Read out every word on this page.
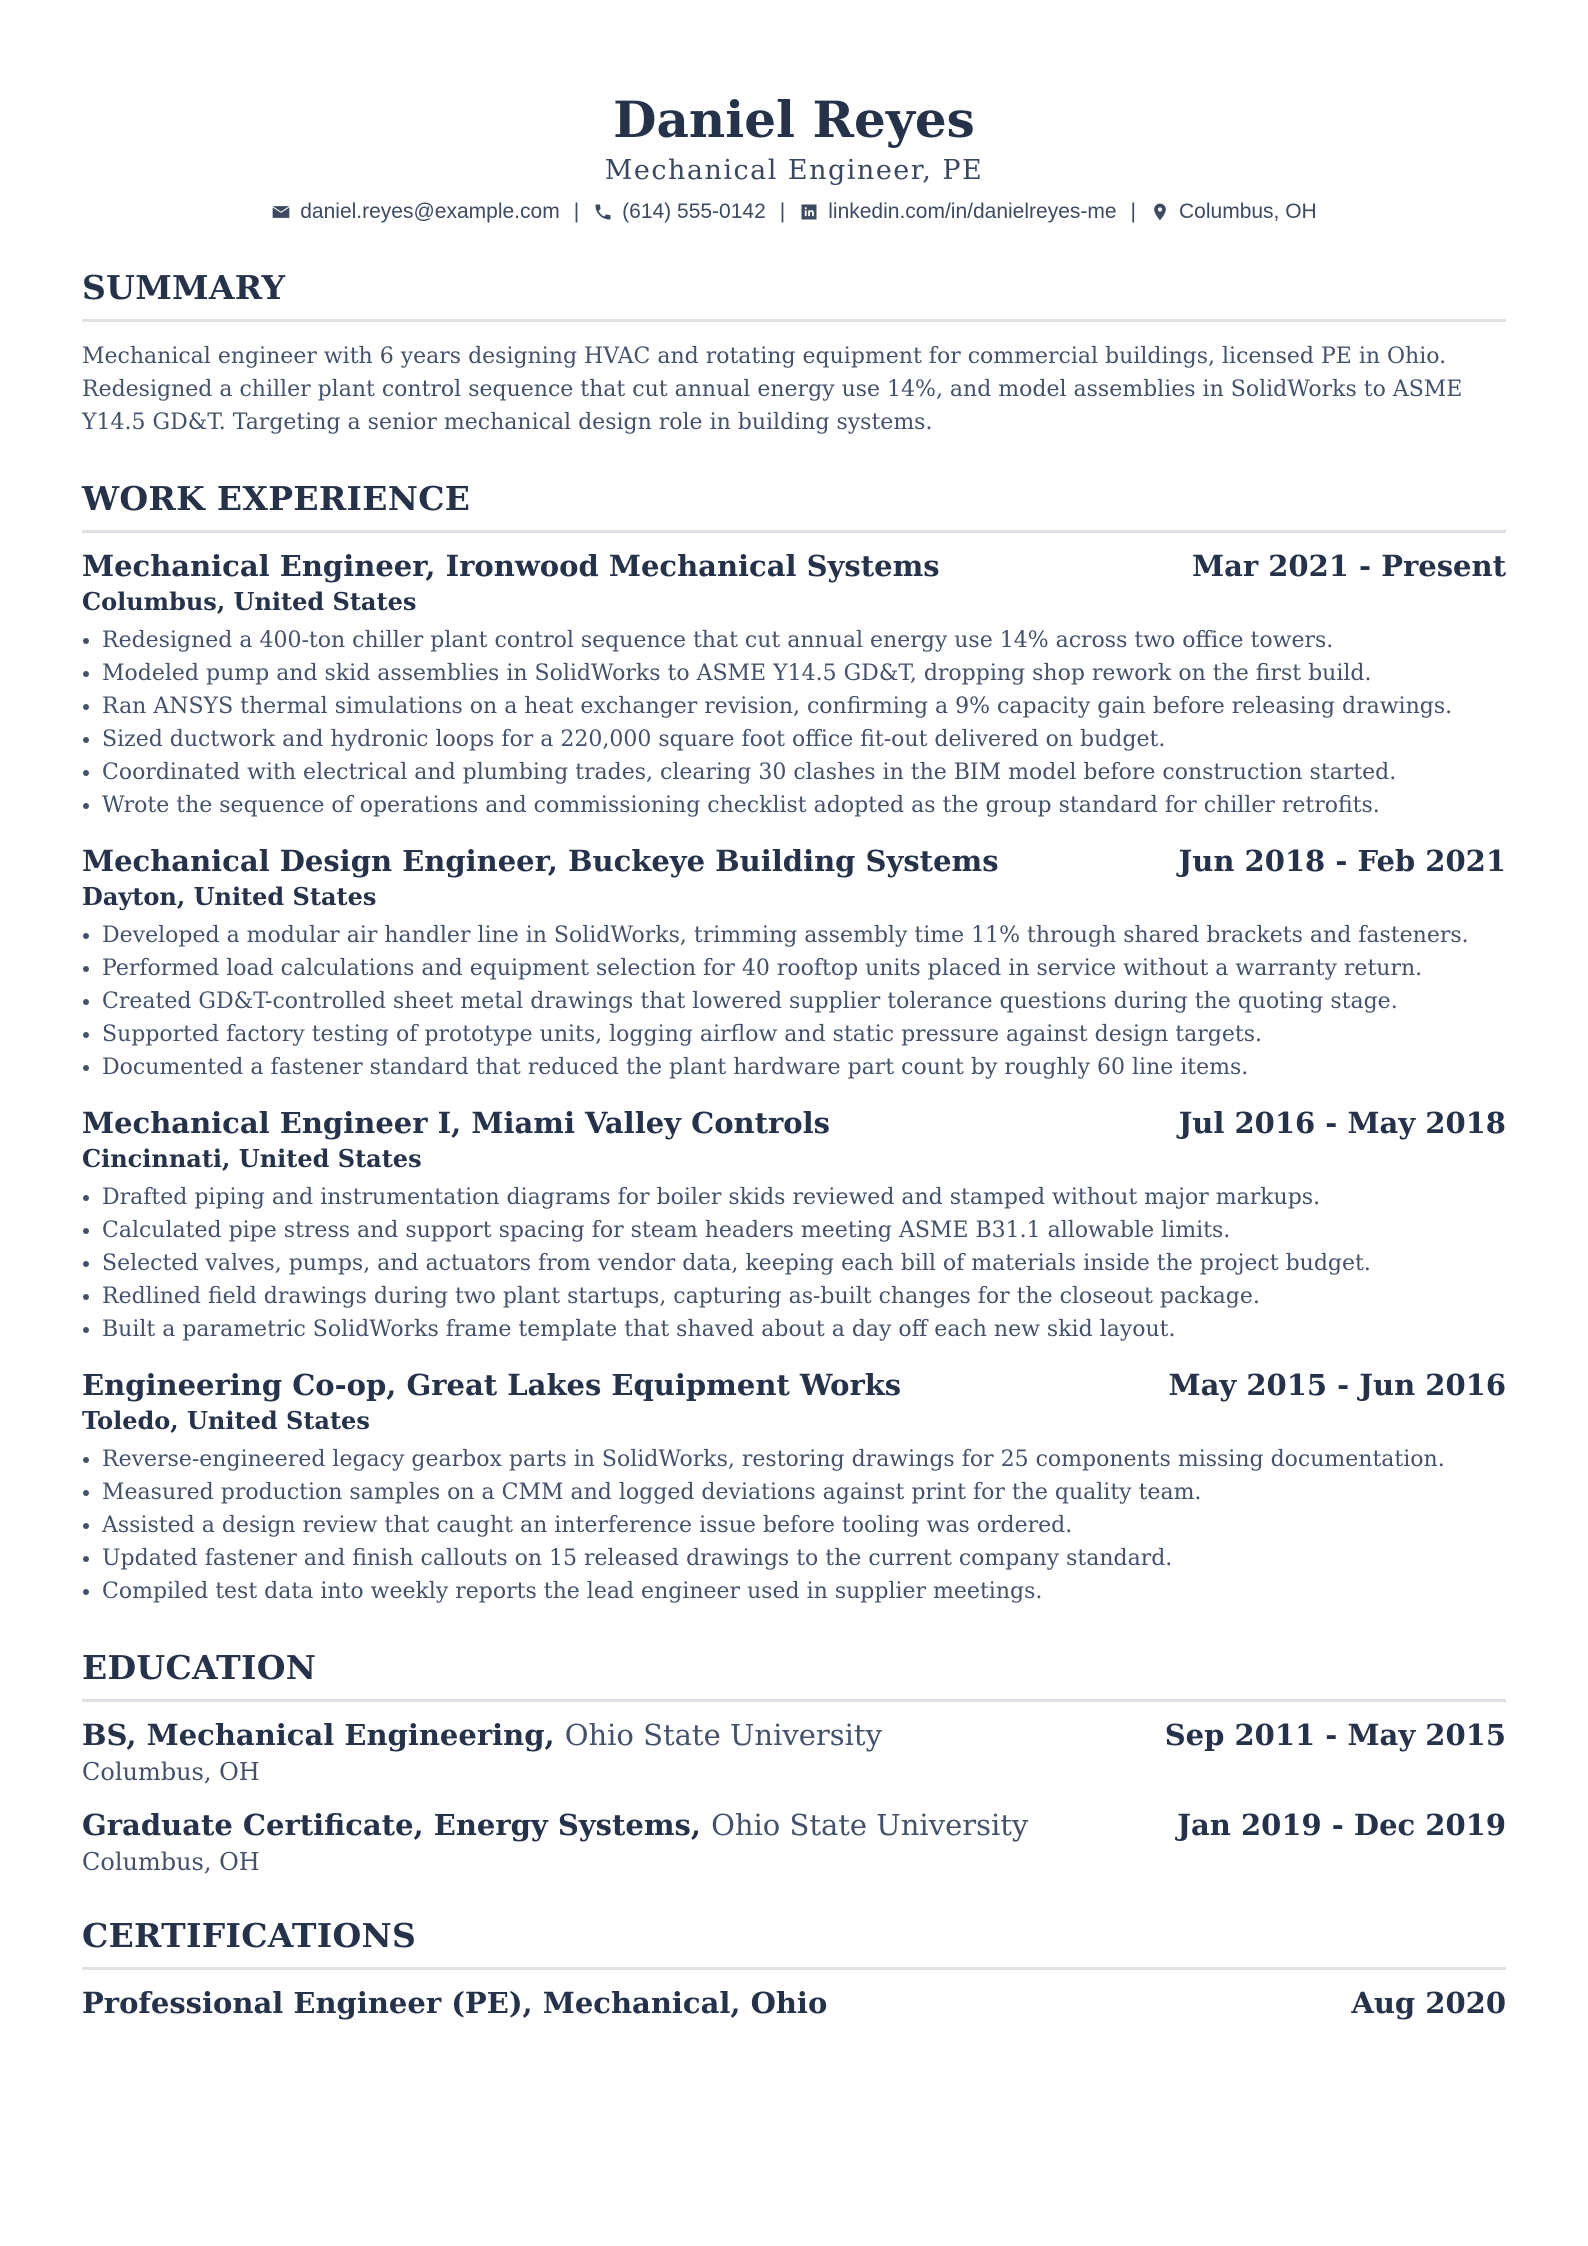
Daniel Reyes
Mechanical Engineer, PE
daniel.reyes@example.com | (614) 555-0142 | linkedin.com/in/danielreyes-me | Columbus, OH
SUMMARY
Mechanical engineer with 6 years designing HVAC and rotating equipment for commercial buildings, licensed PE in Ohio. Redesigned a chiller plant control sequence that cut annual energy use 14%, and model assemblies in SolidWorks to ASME Y14.5 GD&T. Targeting a senior mechanical design role in building systems.
WORK EXPERIENCE
Mechanical Engineer, Ironwood Mechanical Systems	Mar 2021 - Present
Columbus, United States
• Redesigned a 400-ton chiller plant control sequence that cut annual energy use 14% across two office towers.
• Modeled pump and skid assemblies in SolidWorks to ASME Y14.5 GD&T, dropping shop rework on the first build.
• Ran ANSYS thermal simulations on a heat exchanger revision, confirming a 9% capacity gain before releasing drawings.
• Sized ductwork and hydronic loops for a 220,000 square foot office fit-out delivered on budget.
• Coordinated with electrical and plumbing trades, clearing 30 clashes in the BIM model before construction started.
• Wrote the sequence of operations and commissioning checklist adopted as the group standard for chiller retrofits.
Mechanical Design Engineer, Buckeye Building Systems	Jun 2018 - Feb 2021
Dayton, United States
• Developed a modular air handler line in SolidWorks, trimming assembly time 11% through shared brackets and fasteners.
• Performed load calculations and equipment selection for 40 rooftop units placed in service without a warranty return.
• Created GD&T-controlled sheet metal drawings that lowered supplier tolerance questions during the quoting stage.
• Supported factory testing of prototype units, logging airflow and static pressure against design targets.
• Documented a fastener standard that reduced the plant hardware part count by roughly 60 line items.
Mechanical Engineer I, Miami Valley Controls	Jul 2016 - May 2018
Cincinnati, United States
• Drafted piping and instrumentation diagrams for boiler skids reviewed and stamped without major markups.
• Calculated pipe stress and support spacing for steam headers meeting ASME B31.1 allowable limits.
• Selected valves, pumps, and actuators from vendor data, keeping each bill of materials inside the project budget.
• Redlined field drawings during two plant startups, capturing as-built changes for the closeout package.
• Built a parametric SolidWorks frame template that shaved about a day off each new skid layout.
Engineering Co-op, Great Lakes Equipment Works	May 2015 - Jun 2016
Toledo, United States
• Reverse-engineered legacy gearbox parts in SolidWorks, restoring drawings for 25 components missing documentation.
• Measured production samples on a CMM and logged deviations against print for the quality team.
• Assisted a design review that caught an interference issue before tooling was ordered.
• Updated fastener and finish callouts on 15 released drawings to the current company standard.
• Compiled test data into weekly reports the lead engineer used in supplier meetings.
EDUCATION
BS, Mechanical Engineering, Ohio State University	Sep 2011 - May 2015
Columbus, OH
Graduate Certificate, Energy Systems, Ohio State University	Jan 2019 - Dec 2019
Columbus, OH
CERTIFICATIONS
Professional Engineer (PE), Mechanical, Ohio	Aug 2020
